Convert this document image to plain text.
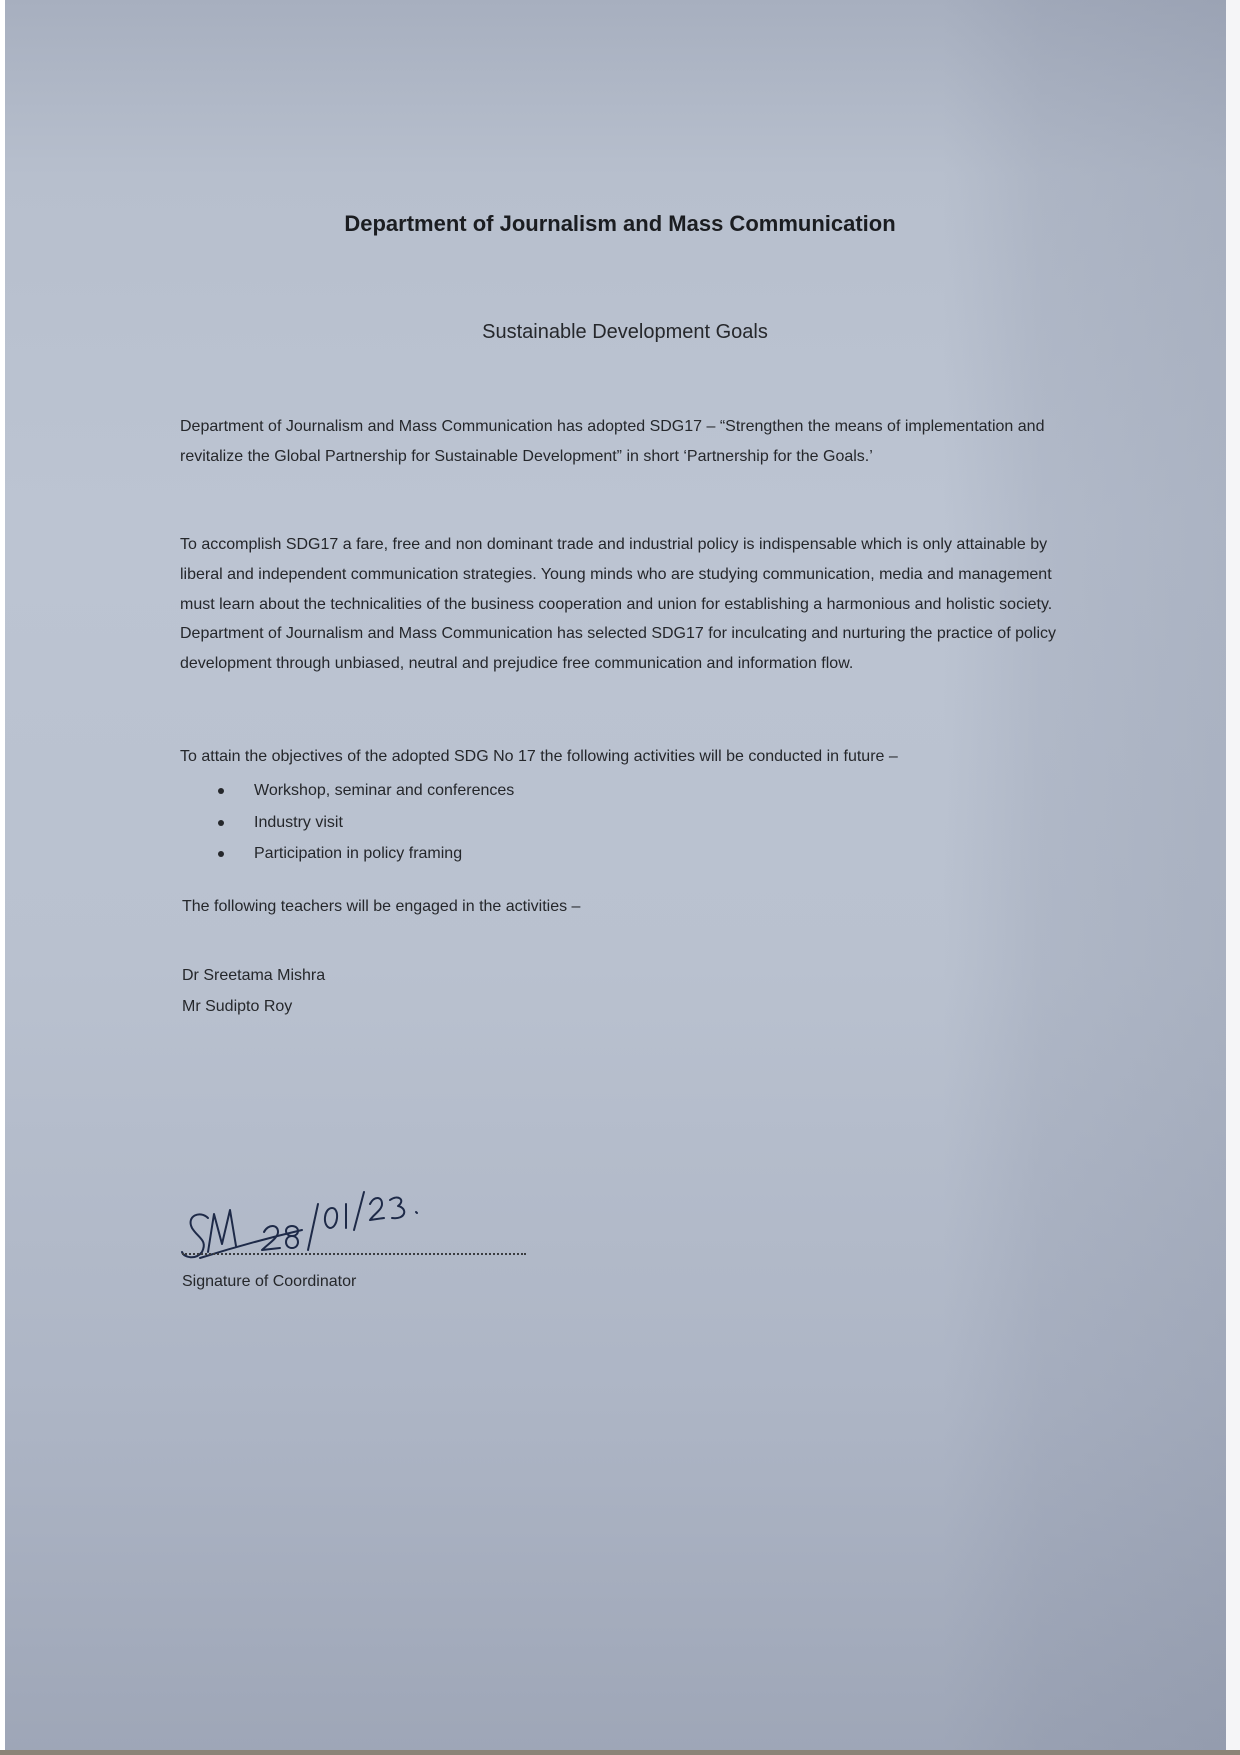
Department of Journalism and Mass Communication
Sustainable Development Goals

Department of Journalism and Mass Communication has adopted SDG17 – “Strengthen the means of implementation and revitalize the Global Partnership for Sustainable Development” in short ‘Partnership for the Goals.’

To accomplish SDG17 a fare, free and non dominant trade and industrial policy is indispensable which is only attainable by liberal and independent communication strategies. Young minds who are studying communication, media and management must learn about the technicalities of the business cooperation and union for establishing a harmonious and holistic society. Department of Journalism and Mass Communication has selected SDG17 for inculcating and nurturing the practice of policy development through unbiased, neutral and prejudice free communication and information flow.

To attain the objectives of the adopted SDG No 17 the following activities will be conducted in future –

Workshop, seminar and conferences
Industry visit
Participation in policy framing
The following teachers will be engaged in the activities –
Dr Sreetama Mishra
Mr Sudipto Roy
Signature of Coordinator
